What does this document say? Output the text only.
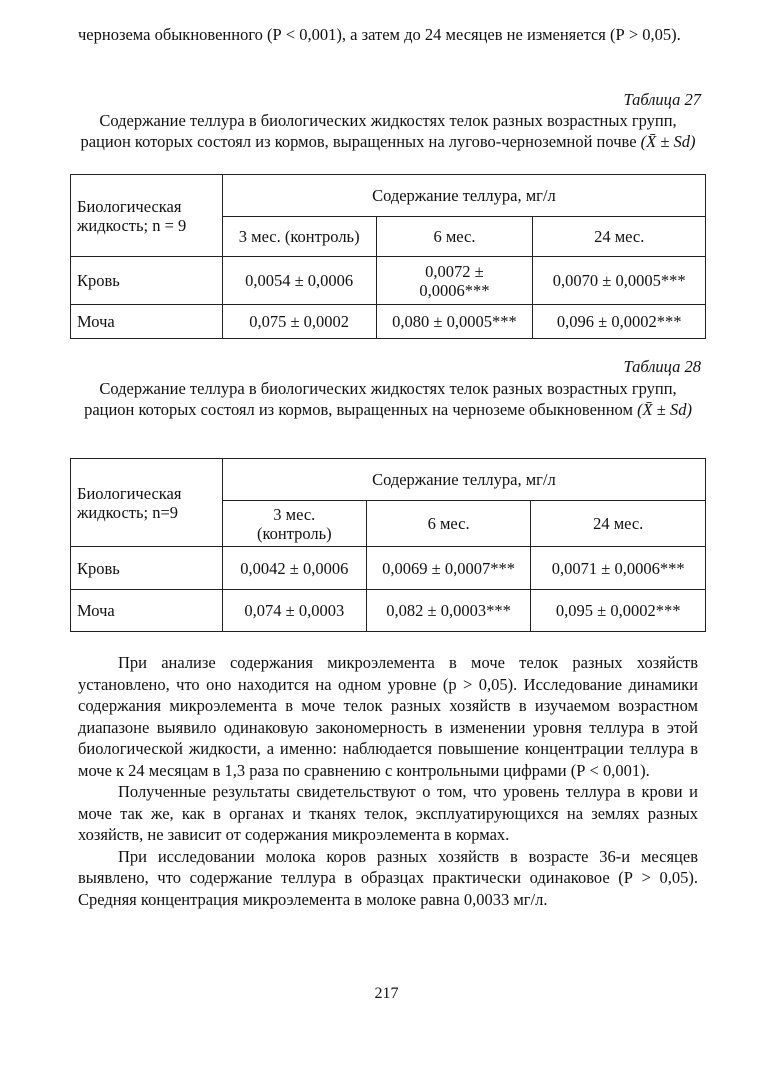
чернозема обыкновенного (Р < 0,001), а затем до 24 месяцев не изменяется (Р > 0,05).

Таблица 27

Содержание теллура в биологических жидкостях телок разных возрастных групп, рацион которых состоял из кормов, выращенных на лугово-черноземной почве (X̄ ± Sd)

Биологическая жидкость; n = 9	Содержание теллура, мг/л		
	3 мес. (контроль)	6 мес.	24 мес.
Кровь	0,0054 ± 0,0006	0,0072 ± 0,0006***	0,0070 ± 0,0005***
Моча	0,075 ± 0,0002	0,080 ± 0,0005***	0,096 ± 0,0002***

Таблица 28

Содержание теллура в биологических жидкостях телок разных возрастных групп, рацион которых состоял из кормов, выращенных на черноземе обыкновенном (X̄ ± Sd)

Биологическая жидкость; n=9	Содержание теллура, мг/л		
	3 мес. (контроль)	6 мес.	24 мес.
Кровь	0,0042 ± 0,0006	0,0069 ± 0,0007***	0,0071 ± 0,0006***
Моча	0,074 ± 0,0003	0,082 ± 0,0003***	0,095 ± 0,0002***

При анализе содержания микроэлемента в моче телок разных хозяйств установлено, что оно находится на одном уровне (р > 0,05). Исследование динамики содержания микроэлемента в моче телок разных хозяйств в изучаемом возрастном диапазоне выявило одинаковую закономерность в изменении уровня теллура в этой биологической жидкости, а именно: наблюдается повышение концентрации теллура в моче к 24 месяцам в 1,3 раза по сравнению с контрольными цифрами (Р < 0,001).

Полученные результаты свидетельствуют о том, что уровень теллура в крови и моче так же, как в органах и тканях телок, эксплуатирующихся на землях разных хозяйств, не зависит от содержания микроэлемента в кормах.

При исследовании молока коров разных хозяйств в возрасте 36-и месяцев выявлено, что содержание теллура в образцах практически одинаковое (Р > 0,05). Средняя концентрация микроэлемента в молоке равна 0,0033 мг/л.

217
